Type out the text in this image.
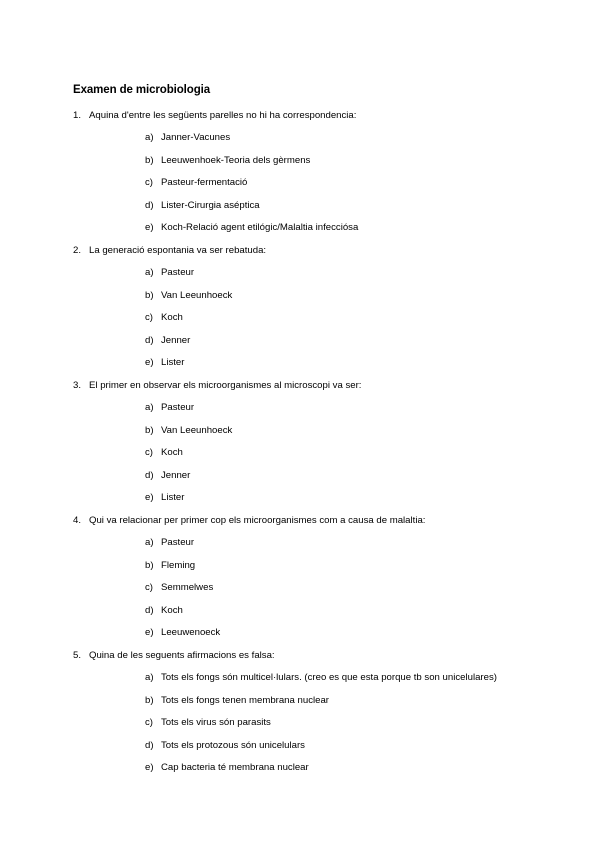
Examen de microbiologia
1. Aquina d'entre les següents parelles no hi ha correspondencia:
a) Janner-Vacunes
b) Leeuwenhoek-Teoria dels gèrmens
c) Pasteur-fermentació
d) Lister-Cirurgia aséptica
e) Koch-Relació agent etilógic/Malaltia infecciósa
2. La generació espontania va ser rebatuda:
a) Pasteur
b) Van Leeunhoeck
c) Koch
d) Jenner
e) Lister
3. El primer en observar els microorganismes al microscopi va ser:
a) Pasteur
b) Van Leeunhoeck
c) Koch
d) Jenner
e) Lister
4. Qui va relacionar per primer cop els microorganismes com a causa de malaltia:
a) Pasteur
b) Fleming
c) Semmelwes
d) Koch
e) Leeuwenoeck
5. Quina de les seguents afirmacions es falsa:
a) Tots els fongs són multicel·lulars. (creo es que esta porque tb son unicelulares)
b) Tots els fongs tenen membrana nuclear
c) Tots els virus són parasits
d) Tots els protozous són unicelulars
e) Cap bacteria té membrana nuclear
